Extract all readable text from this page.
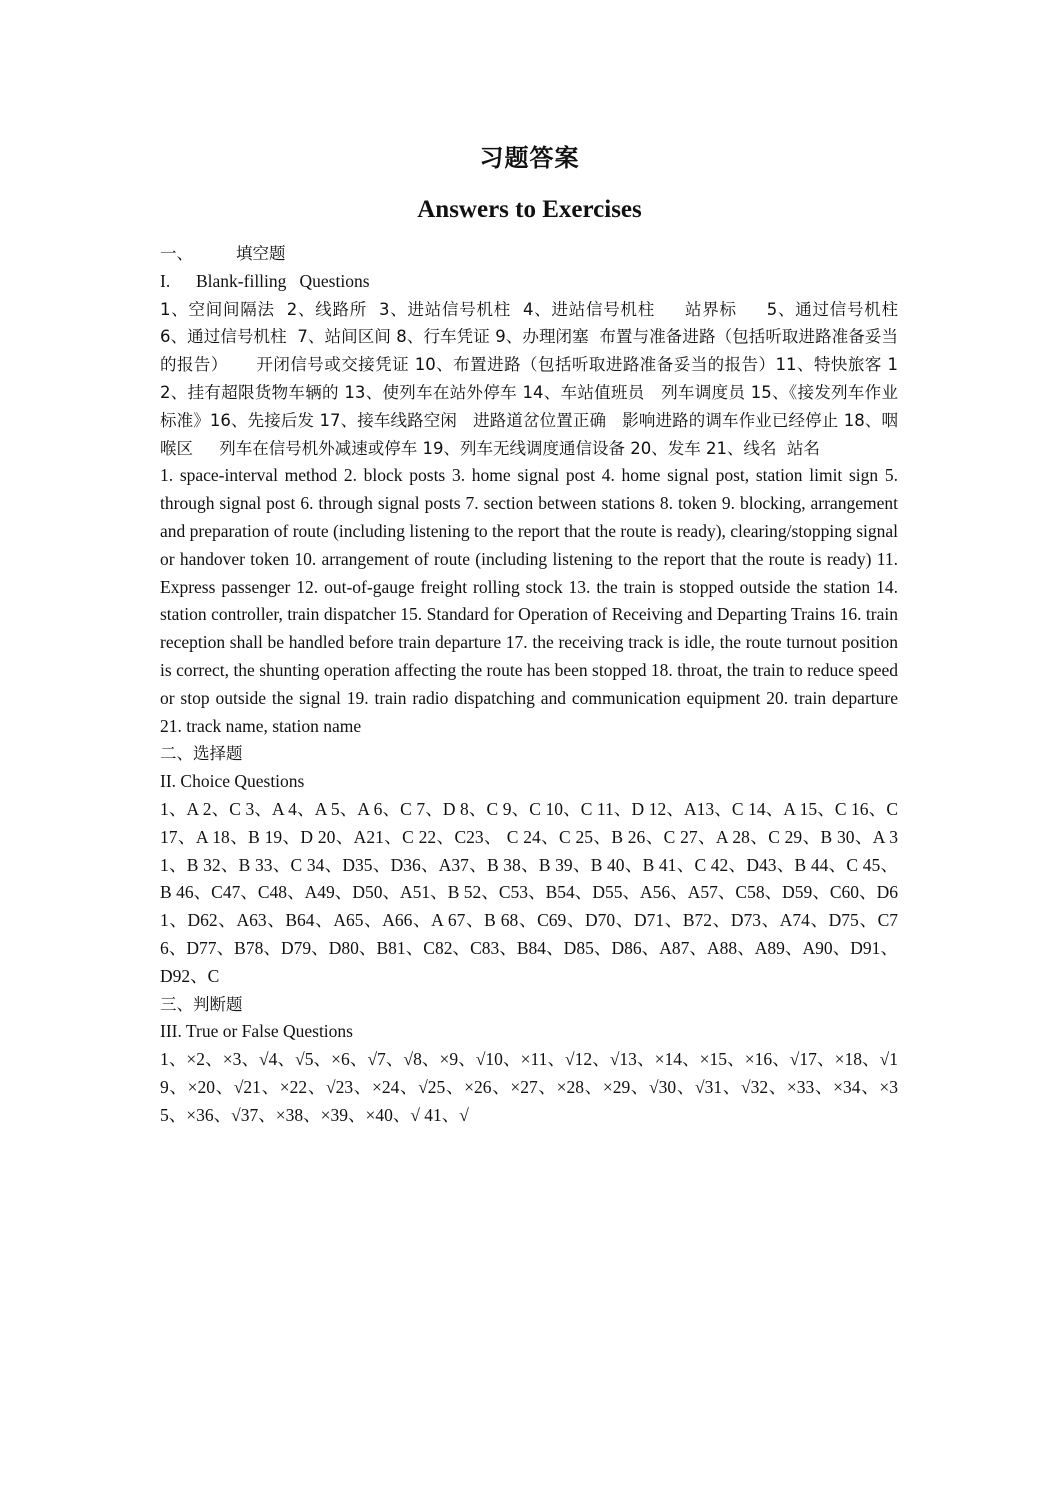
习题答案
Answers to Exercises
一、	填空题
I. Blank-filling   Questions
1、空间间隔法  2、线路所  3、进站信号机柱  4、进站信号机柱     站界标     5、通过信号机柱    6、通过信号机柱  7、站间区间 8、行车凭证 9、办理闭塞  布置与准备进路（包括听取进路准备妥当的报告）     开闭信号或交接凭证 10、布置进路（包括听取进路准备妥当的报告）11、特快旅客 12、挂有超限货物车辆的 13、使列车在站外停车 14、车站值班员   列车调度员 15、《接发列车作业标准》16、先接后发 17、接车线路空闲   进路道岔位置正确   影响进路的调车作业已经停止 18、咽喉区     列车在信号机外减速或停车 19、列车无线调度通信设备 20、发车 21、线名  站名
1. space-interval method 2. block posts 3. home signal post 4. home signal post, station limit sign 5. through signal post 6. through signal posts 7. section between stations 8. token 9. blocking, arrangement and preparation of route (including listening to the report that the route is ready), clearing/stopping signal or handover token 10. arrangement of route (including listening to the report that the route is ready) 11. Express passenger 12. out-of-gauge freight rolling stock 13. the train is stopped outside the station 14. station controller, train dispatcher 15. Standard for Operation of Receiving and Departing Trains 16. train reception shall be handled before train departure 17. the receiving track is idle, the route turnout position is correct, the shunting operation affecting the route has been stopped 18. throat, the train to reduce speed or stop outside the signal 19. train radio dispatching and communication equipment 20. train departure 21. track name, station name
二、选择题
II. Choice Questions
1、A 2、C 3、A 4、A 5、A 6、C 7、D 8、C 9、C 10、C 11、D 12、A13、C 14、A 15、C 16、C 17、A 18、B 19、D 20、A21、C 22、C23、 C 24、C 25、B 26、C 27、A 28、C 29、B 30、A 31、B 32、B 33、C 34、D35、D36、A37、B 38、B 39、B 40、B 41、C 42、D43、B 44、C 45、B 46、C47、C48、A49、D50、A51、B 52、C53、B54、D55、A56、A57、C58、D59、C60、D61、D62、A63、B64、A65、A66、A 67、B 68、C69、D70、D71、B72、D73、A74、D75、C76、D77、B78、D79、D80、B81、C82、C83、B84、D85、D86、A87、A88、A89、A90、D91、D92、C
三、判断题
III. True or False Questions
1、×2、×3、√4、√5、×6、√7、√8、×9、√10、×11、√12、√13、×14、×15、×16、√17、×18、√19、×20、√21、×22、√23、×24、√25、×26、×27、×28、×29、√30、√31、√32、×33、×34、×35、×36、√37、×38、×39、×40、√ 41、√
